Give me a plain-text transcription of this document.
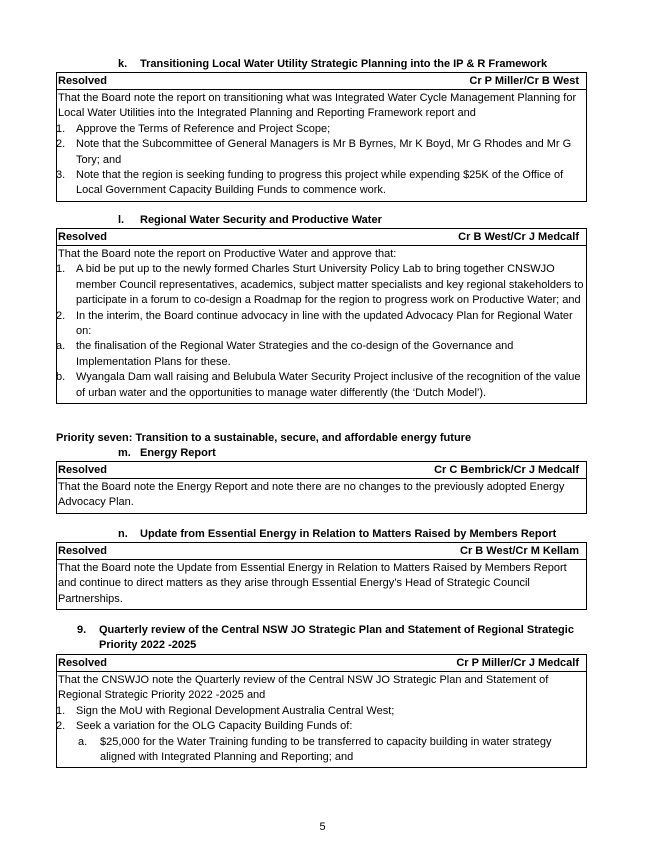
k. Transitioning Local Water Utility Strategic Planning into the IP & R Framework
Resolved	Cr P Miller/Cr B West
That the Board note the report on transitioning what was Integrated Water Cycle Management Planning for Local Water Utilities into the Integrated Planning and Reporting Framework report and
1. Approve the Terms of Reference and Project Scope;
2. Note that the Subcommittee of General Managers is Mr B Byrnes, Mr K Boyd, Mr G Rhodes and Mr G Tory; and
3. Note that the region is seeking funding to progress this project while expending $25K of the Office of Local Government Capacity Building Funds to commence work.
l. Regional Water Security and Productive Water
Resolved	Cr B West/Cr J Medcalf
That the Board note the report on Productive Water and approve that:
1. A bid be put up to the newly formed Charles Sturt University Policy Lab to bring together CNSWJO member Council representatives, academics, subject matter specialists and key regional stakeholders to participate in a forum to co-design a Roadmap for the region to progress work on Productive Water; and
2. In the interim, the Board continue advocacy in line with the updated Advocacy Plan for Regional Water on:
a. the finalisation of the Regional Water Strategies and the co-design of the Governance and Implementation Plans for these.
b. Wyangala Dam wall raising and Belubula Water Security Project inclusive of the recognition of the value of urban water and the opportunities to manage water differently (the ‘Dutch Model’).
Priority seven: Transition to a sustainable, secure, and affordable energy future
m. Energy Report
Resolved	Cr C Bembrick/Cr J Medcalf
That the Board note the Energy Report and note there are no changes to the previously adopted Energy Advocacy Plan.
n. Update from Essential Energy in Relation to Matters Raised by Members Report
Resolved	Cr B West/Cr M Kellam
That the Board note the Update from Essential Energy in Relation to Matters Raised by Members Report and continue to direct matters as they arise through Essential Energy’s Head of Strategic Council Partnerships.
9. Quarterly review of the Central NSW JO Strategic Plan and Statement of Regional Strategic
Priority 2022 -2025
Resolved	Cr P Miller/Cr J Medcalf
That the CNSWJO note the Quarterly review of the Central NSW JO Strategic Plan and Statement of Regional Strategic Priority 2022 -2025 and
1. Sign the MoU with Regional Development Australia Central West;
2. Seek a variation for the OLG Capacity Building Funds of:
a.	$25,000 for the Water Training funding to be transferred to capacity building in water strategy aligned with Integrated Planning and Reporting; and
5
